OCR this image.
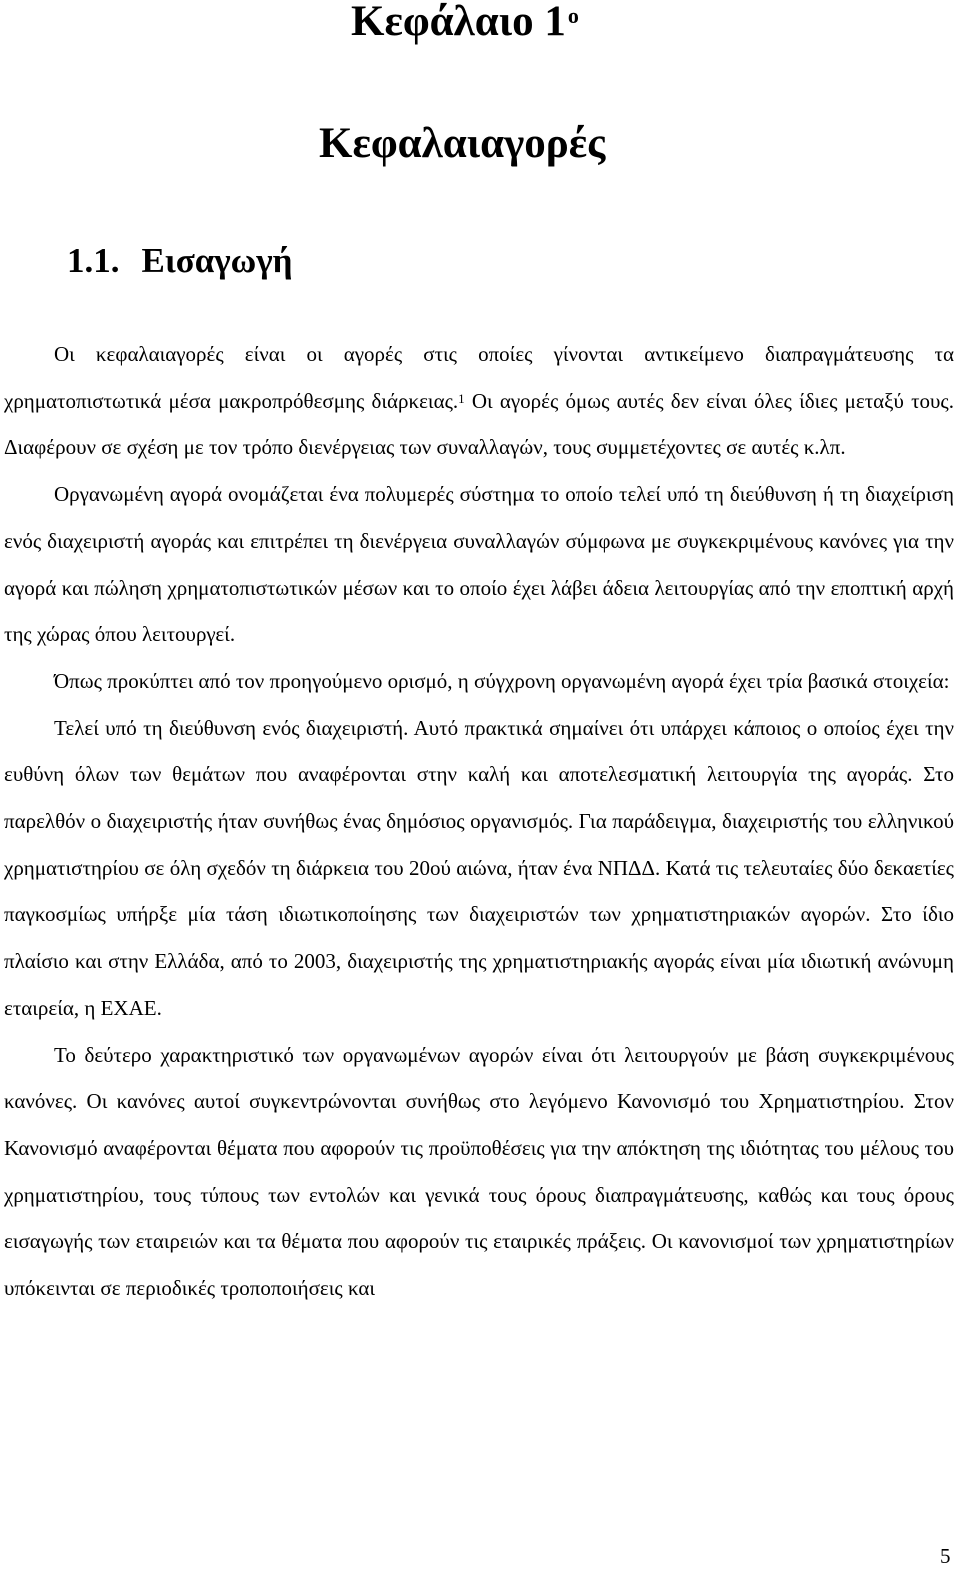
Κεφάλαιο $1^o$
Κεφαλαιαγορές
1.1. Εισαγωγή

Οι κεφαλαιαγορές είναι οι αγορές στις οποίες γίνονται αντικείμενο διαπραγμάτευσης τα χρηματοπιστωτικά μέσα μακροπρόθεσμης διάρκειας.$^1$ Οι αγορές όμως αυτές δεν είναι όλες ίδιες μεταξύ τους. Διαφέρουν σε σχέση με τον τρόπο διενέργειας των συναλλαγών, τους συμμετέχοντες σε αυτές κ.λπ.

Οργανωμένη αγορά ονομάζεται ένα πολυμερές σύστημα το οποίο τελεί υπό τη διεύθυνση ή τη διαχείριση ενός διαχειριστή αγοράς και επιτρέπει τη διενέργεια συναλλαγών σύμφωνα με συγκεκριμένους κανόνες για την αγορά και πώληση χρηματοπιστωτικών μέσων και το οποίο έχει λάβει άδεια λειτουργίας από την εποπτική αρχή της χώρας όπου λειτουργεί.

Όπως προκύπτει από τον προηγούμενο ορισμό, η σύγχρονη οργανωμένη αγορά έχει τρία βασικά στοιχεία:

Τελεί υπό τη διεύθυνση ενός διαχειριστή. Αυτό πρακτικά σημαίνει ότι υπάρχει κάποιος ο οποίος έχει την ευθύνη όλων των θεμάτων που αναφέρονται στην καλή και αποτελεσματική λειτουργία της αγοράς. Στο παρελθόν ο διαχειριστής ήταν συνήθως ένας δημόσιος οργανισμός. Για παράδειγμα, διαχειριστής του ελληνικού χρηματιστηρίου σε όλη σχεδόν τη διάρκεια του 20ού αιώνα, ήταν ένα ΝΠΔΔ. Κατά τις τελευταίες δύο δεκαετίες παγκοσμίως υπήρξε μία τάση ιδιωτικοποίησης των διαχειριστών των χρηματιστηριακών αγορών. Στο ίδιο πλαίσιο και στην Ελλάδα, από το 2003, διαχειριστής της χρηματιστηριακής αγοράς είναι μία ιδιωτική ανώνυμη εταιρεία, η ΕΧΑΕ.

Το δεύτερο χαρακτηριστικό των οργανωμένων αγορών είναι ότι λειτουργούν με βάση συγκεκριμένους κανόνες. Οι κανόνες αυτοί συγκεντρώνονται συνήθως στο λεγόμενο Κανονισμό του Χρηματιστηρίου. Στον Κανονισμό αναφέρονται θέματα που αφορούν τις προϋποθέσεις για την απόκτηση της ιδιότητας του μέλους του χρηματιστηρίου, τους τύπους των εντολών και γενικά τους όρους διαπραγμάτευσης, καθώς και τους όρους εισαγωγής των εταιρειών και τα θέματα που αφορούν τις εταιρικές πράξεις. Οι κανονισμοί των χρηματιστηρίων υπόκεινται σε περιοδικές τροποποιήσεις και

5
